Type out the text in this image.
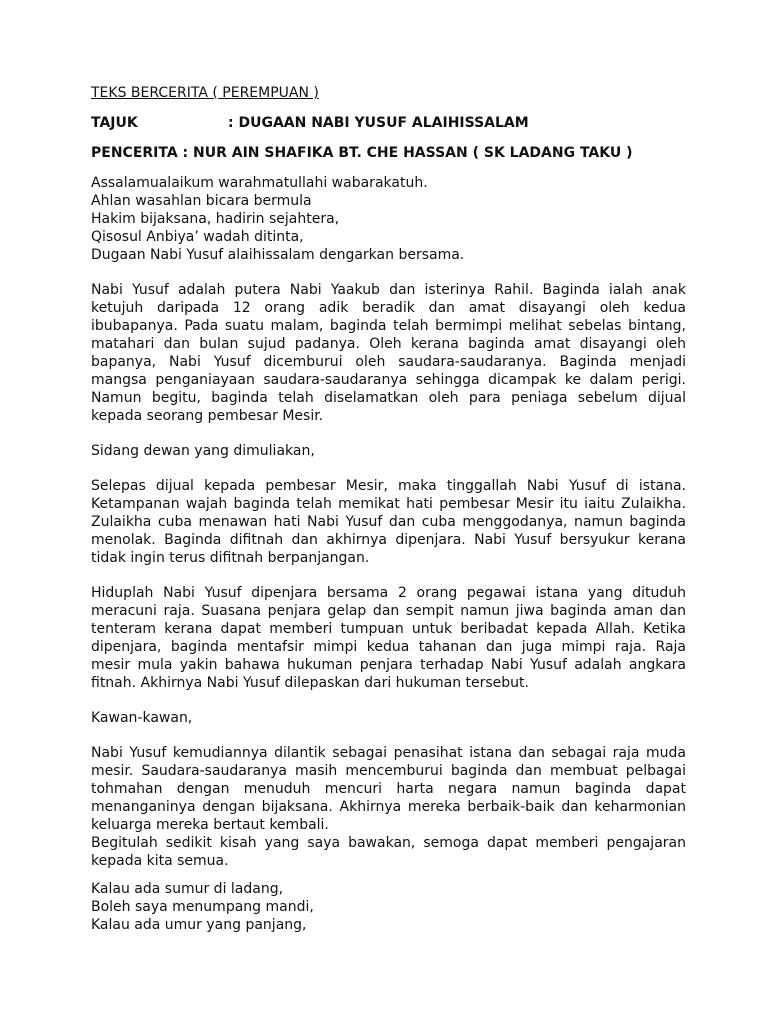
TEKS BERCERITA ( PEREMPUAN )

TAJUK	: DUGAAN NABI YUSUF ALAIHISSALAM

PENCERITA : NUR AIN SHAFIKA BT. CHE HASSAN ( SK LADANG TAKU )

Assalamualaikum warahmatullahi wabarakatuh.
Ahlan wasahlan bicara bermula
Hakim bijaksana, hadirin sejahtera,
Qisosul Anbiya’ wadah ditinta,
Dugaan Nabi Yusuf alaihissalam dengarkan bersama.
Nabi Yusuf adalah putera Nabi Yaakub dan isterinya Rahil. Baginda ialah anak
ketujuh daripada 12 orang adik beradik dan amat disayangi oleh kedua
ibubapanya. Pada suatu malam, baginda telah bermimpi melihat sebelas bintang,
matahari dan bulan sujud padanya. Oleh kerana baginda amat disayangi oleh
bapanya, Nabi Yusuf dicemburui oleh saudara-saudaranya. Baginda menjadi
mangsa penganiayaan saudara-saudaranya sehingga dicampak ke dalam perigi.
Namun begitu, baginda telah diselamatkan oleh para peniaga sebelum dijual
kepada seorang pembesar Mesir.

Sidang dewan yang dimuliakan,

Selepas dijual kepada pembesar Mesir, maka tinggallah Nabi Yusuf di istana.
Ketampanan wajah baginda telah memikat hati pembesar Mesir itu iaitu Zulaikha.
Zulaikha cuba menawan hati Nabi Yusuf dan cuba menggodanya, namun baginda
menolak. Baginda difitnah dan akhirnya dipenjara. Nabi Yusuf bersyukur kerana
tidak ingin terus difitnah berpanjangan.
Hiduplah Nabi Yusuf dipenjara bersama 2 orang pegawai istana yang dituduh
meracuni raja. Suasana penjara gelap dan sempit namun jiwa baginda aman dan
tenteram kerana dapat memberi tumpuan untuk beribadat kepada Allah. Ketika
dipenjara, baginda mentafsir mimpi kedua tahanan dan juga mimpi raja. Raja
mesir mula yakin bahawa hukuman penjara terhadap Nabi Yusuf adalah angkara
fitnah. Akhirnya Nabi Yusuf dilepaskan dari hukuman tersebut.

Kawan-kawan,

Nabi Yusuf kemudiannya dilantik sebagai penasihat istana dan sebagai raja muda
mesir. Saudara-saudaranya masih mencemburui baginda dan membuat pelbagai
tohmahan dengan menuduh mencuri harta negara namun baginda dapat
menanganinya dengan bijaksana. Akhirnya mereka berbaik-baik dan keharmonian
keluarga mereka bertaut kembali.
Begitulah sedikit kisah yang saya bawakan, semoga dapat memberi pengajaran
kepada kita semua.
Kalau ada sumur di ladang,
Boleh saya menumpang mandi,
Kalau ada umur yang panjang,
